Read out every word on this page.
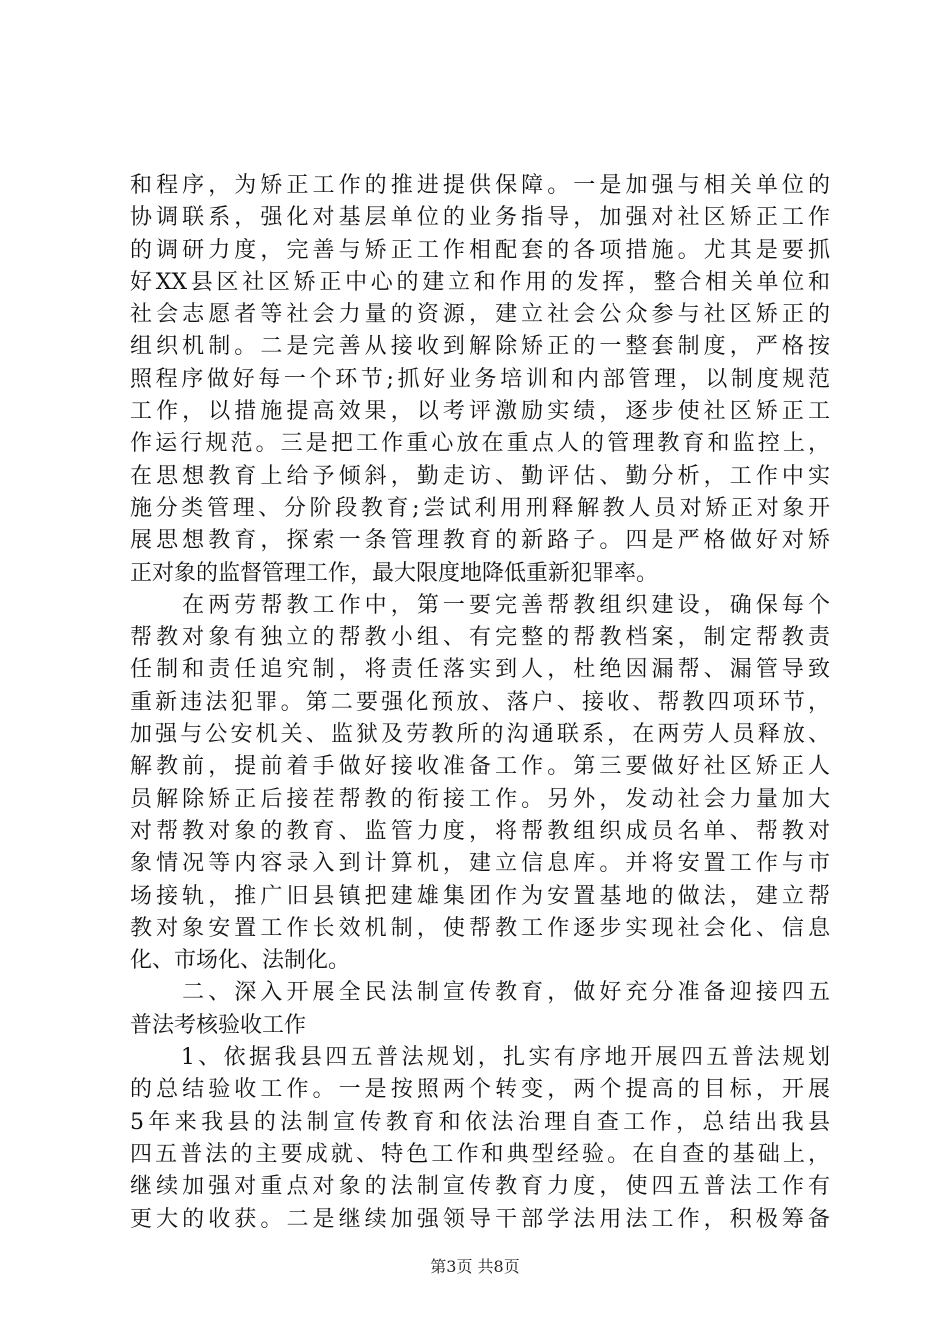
和程序，为矫正工作的推进提供保障。一是加强与相关单位的
协调联系，强化对基层单位的业务指导，加强对社区矫正工作
的调研力度，完善与矫正工作相配套的各项措施。尤其是要抓
好XX县区社区矫正中心的建立和作用的发挥，整合相关单位和
社会志愿者等社会力量的资源，建立社会公众参与社区矫正的
组织机制。二是完善从接收到解除矫正的一整套制度，严格按
照程序做好每一个环节;抓好业务培训和内部管理，以制度规范
工作，以措施提高效果，以考评激励实绩，逐步使社区矫正工
作运行规范。三是把工作重心放在重点人的管理教育和监控上，
在思想教育上给予倾斜，勤走访、勤评估、勤分析，工作中实
施分类管理、分阶段教育;尝试利用刑释解教人员对矫正对象开
展思想教育，探索一条管理教育的新路子。四是严格做好对矫
正对象的监督管理工作，最大限度地降低重新犯罪率。
　　在两劳帮教工作中，第一要完善帮教组织建设，确保每个
帮教对象有独立的帮教小组、有完整的帮教档案，制定帮教责
任制和责任追究制，将责任落实到人，杜绝因漏帮、漏管导致
重新违法犯罪。第二要强化预放、落户、接收、帮教四项环节，
加强与公安机关、监狱及劳教所的沟通联系，在两劳人员释放、
解教前，提前着手做好接收准备工作。第三要做好社区矫正人
员解除矫正后接茬帮教的衔接工作。另外，发动社会力量加大
对帮教对象的教育、监管力度，将帮教组织成员名单、帮教对
象情况等内容录入到计算机，建立信息库。并将安置工作与市
场接轨，推广旧县镇把建雄集团作为安置基地的做法，建立帮
教对象安置工作长效机制，使帮教工作逐步实现社会化、信息
化、市场化、法制化。
　　二、深入开展全民法制宣传教育，做好充分准备迎接四五
普法考核验收工作
　　1、依据我县四五普法规划，扎实有序地开展四五普法规划
的总结验收工作。一是按照两个转变，两个提高的目标，开展
5年来我县的法制宣传教育和依法治理自查工作，总结出我县
四五普法的主要成就、特色工作和典型经验。在自查的基础上，
继续加强对重点对象的法制宣传教育力度，使四五普法工作有
更大的收获。二是继续加强领导干部学法用法工作，积极筹备
第3页 共8页
